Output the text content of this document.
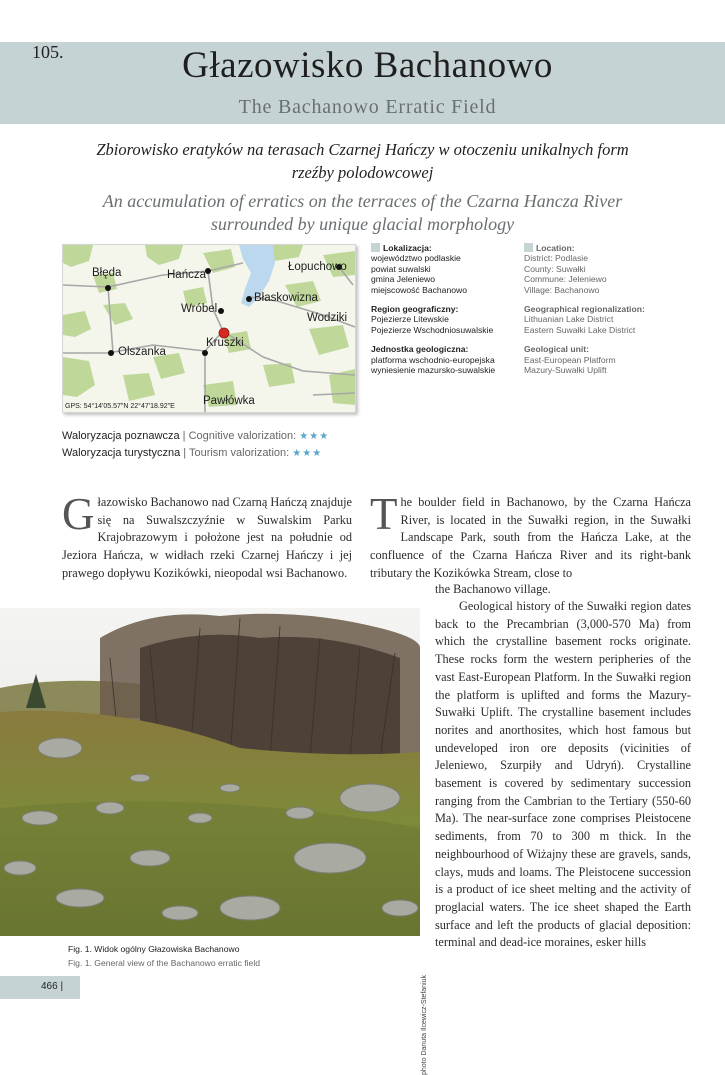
105.	Głazowisko Bachanowo
The Bachanowo Erratic Field
Zbiorowisko eratyków na terasach Czarnej Hańczy w otoczeniu unikalnych form
rzeźby polodowcowej
An accumulation of erratics on the terraces of the Czarna Hancza River
surrounded by unique glacial morphology
Błęda	Hańcza
Łopuchowo
Błaskowizna
Wróbel
Wodziki
Kruszki
Olszanka
Pawłówka
GPS: 54°14'05.57"N 22°47'18.92"E
Lokalizacja:
województwo podlaskie
powiat suwalski
gmina Jeleniewo
miejscowość Bachanowo
Region geograficzny:
Pojezierze Litewskie
Pojezierze Wschodniosuwalskie
Jednostka geologiczna:
platforma wschodnio-europejska
wyniesienie mazursko-suwalskie
Location:
District: Podlasie
County: Suwałki
Commune: Jeleniewo
Village: Bachanowo
Geographical regionalization:
Lithuanian Lake District
Eastern Suwałki Lake District
Geological unit:
East-European Platform
Mazury-Suwałki Uplift
Waloryzacja poznawcza | Cognitive valorization: ★★★
Waloryzacja turystyczna | Tourism valorization: ★★★

Głazowisko Bachanowo nad Czarną Hańczą znajduje się na Suwalszczyźnie w Suwalskim Parku Krajobrazowym i położone jest na południe od Jeziora Hańcza, w widłach rzeki Czarnej Hańczy i jej prawego dopływu Kozikówki, nieopodal wsi Bachanowo.

The boulder field in Bachanowo, by the Czarna Hańcza River, is located in the Suwałki region, in the Suwałki Landscape Park, south from the Hańcza Lake, at the confluence of the Czarna Hańcza River and its right-bank tributary the Kozikówka Stream, close to

the Bachanowo village.

Geological history of the Suwałki region dates back to the Precambrian (3,000-570 Ma) from which the crystalline basement rocks originate. These rocks form the western peripheries of the vast East-European Platform. In the Suwałki region the platform is uplifted and forms the Mazury-Suwałki Uplift. The crystalline basement includes norites and anorthosites, which host famous but undeveloped iron ore deposits (vicinities of Jeleniewo, Szurpiły and Udryń). Crystalline basement is covered by sedimentary succession ranging from the Cambrian to the Tertiary (550-60 Ma). The near-surface zone comprises Pleistocene sediments, from 70 to 300 m thick. In the neighbourhood of Wiżajny these are gravels, sands, clays, muds and loams. The Pleistocene succession is a product of ice sheet melting and the activity of proglacial waters. The ice sheet shaped the Earth surface and left the products of glacial deposition: terminal and dead-ice moraines, esker hills

photo Danuta Ilcewicz-Stefaniuk
Fig. 1. Widok ogólny Głazowiska Bachanowo
Fig. 1. General view of the Bachanowo erratic field
466 |
